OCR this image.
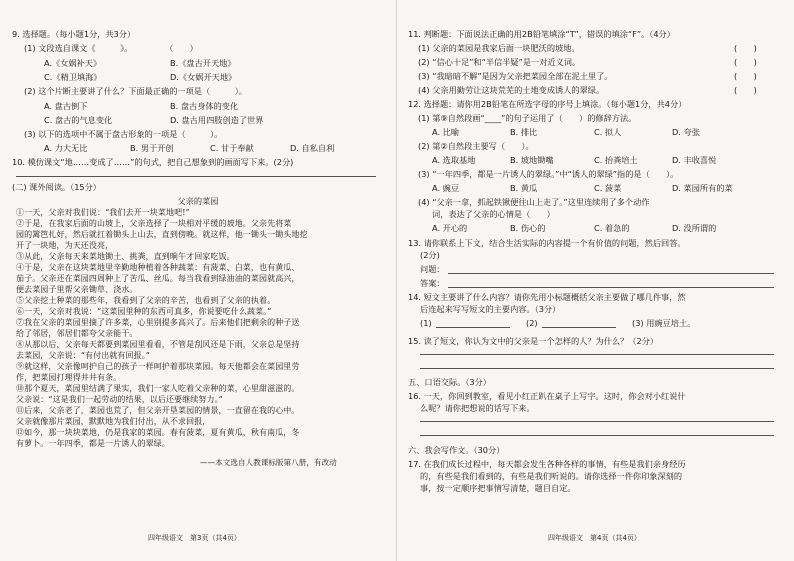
9. 选择题。（每小题1分，共3分）
(1) 文段选自课文《　　　》。　　　　　（　　）
A.《女娲补天》	B.《盘古开天地》
C.《精卫填海》	D.《女娲开天地》
(2) 这个片断主要讲了什么？下面最正确的一项是（　　　）。
A. 盘古倒下	B. 盘古身体的变化
C. 盘古的气息变化	D. 盘古用四肢创造了世界
(3) 以下的选项中不属于盘古形象的一项是（　　　）。
A. 力大无比	B. 男于开创	C. 甘于奉献	D. 自私自利
10. 模仿课文“地……变成了……”的句式，把自己想象到的画面写下来。(2分)
(二) 课外阅读。（15分）
父亲的菜园
①一天，父亲对我们说：“我们去开一块菜地吧!”
②于是，在我家后面的山坡上，父亲选择了一块相对平缓的坡地。父亲先将菜
园的篱笆扎好，然后就扛着锄头上山去，直到傍晚。就这样，他一锄头一锄头地挖
开了一块地，为天还没亮，
③从此，父亲每天来菜地锄土、挑粪，直到晌午才回家吃饭。
④于是，父亲在这块菜地里辛勤地种植着各种蔬菜：有菠菜、白菜，也有黄瓜、
茄子。父亲还在菜园四周种上了苦瓜、丝瓜。每当我看到绿油油的菜园就高兴，
便去菜园子里帮父亲锄草、浇水。
⑤父亲挖土种菜的那些年，我看到了父亲的辛苦，也看到了父亲的执着。
⑥一天，父亲对我说：“这菜园里种的东西可真多，你说要吃什么蔬菜。”
⑦我在父亲的菜园里摘了许多菜，心里别提多高兴了。后来他们把剩余的种子送
给了邻居，邻居们都夸父亲能干。
⑧从那以后，父亲每天都要到菜园里看看，不管是刮风还是下雨，父亲总是坚持
去菜园，父亲说：“有付出就有回报。”
⑨就这样，父亲像呵护自己的孩子一样呵护着那块菜园。每天他都会在菜园里劳
作，把菜园打理得井井有条。
⑩那个夏天，菜园里结满了果实，我们一家人吃着父亲种的菜，心里甜滋滋的。
父亲说：“这是我们一起劳动的结果，以后还要继续努力。”
⑪后来，父亲老了，菜园也荒了，但父亲开垦菜园的情景，一直留在我的心中。
父亲就像那片菜园，默默地为我们付出，从不求回报，
⑫如今，那一块块菜地，仍是我家的菜园。春有菠菜，夏有黄瓜，秋有南瓜，冬
有萝卜。一年四季，都是一片诱人的翠绿。
——本文选自人教课标版第八册，有改动
四年级语文　第3页（共4页）
11. 判断题：下面说法正确的用2B铅笔填涂“T”，错误的填涂“F”。（4分）
(1) 父亲的菜园是我家后面一块肥沃的坡地。	(　　)
(2) “信心十足”和“半信半疑”是一对近义词。	(　　)
(3) “我暗暗不解”是因为父亲把菜园全部在泥土里了。	(　　)
(4) 父亲用勤劳让这块荒芜的土地变成诱人的翠绿。	(　　)
12. 选择题：请你用2B铅笔在所选字母的序号上填涂。（每小题1分，共4分）
(1) 第⑨自然段画“____”的句子运用了（　　）的修辞方法。
A. 比喻	B. 排比	C. 拟人	D. 夸张
(2) 第②自然段主要写（　　）。
A. 选取基地	B. 坡地锄嘴	C. 抬粪培土	D. 丰收喜悦
(3) “一年四季，都是一片诱人的翠绿。”中“诱人的翠绿”指的是（　　）。
A. 豌豆	B. 黄瓜	C. 菠菜	D. 菜园所有的菜
(4) “父亲一拿，抓起铁锹便往山上走了。”这里连续用了多个动作
词，表达了父亲的心情是（　　）
A. 开心的	B. 伤心的	C. 着急的	D. 没所谓的
13. 请你联系上下文，结合生活实际的内容提一个有价值的问题，然后回答。
(2分)
问题：
答案：
14. 短文主要讲了什么内容？请你先用小标题概括父亲主要做了哪几件事，然
后连起来写写短文的主要内容。（3分）
(1)	(2)	(3) 用豌豆培土。
15. 读了短文，你认为文中的父亲是一个怎样的人？为什么？（2分）
五、口语交际。（3分）
16. 一天，你回到教室，看见小红正趴在桌子上写字。这时，你会对小红说什
么呢？请你把想说的话写下来。
六、我会写作文。（30分）
17. 在我们成长过程中，每天都会发生各种各样的事情，有些是我们亲身经历
的，有些是我们看到的，有些是我们听说的。请你选择一件你印象深刻的
事，按一定顺序把事情写清楚，题目自定。
四年级语文　第4页（共4页）
